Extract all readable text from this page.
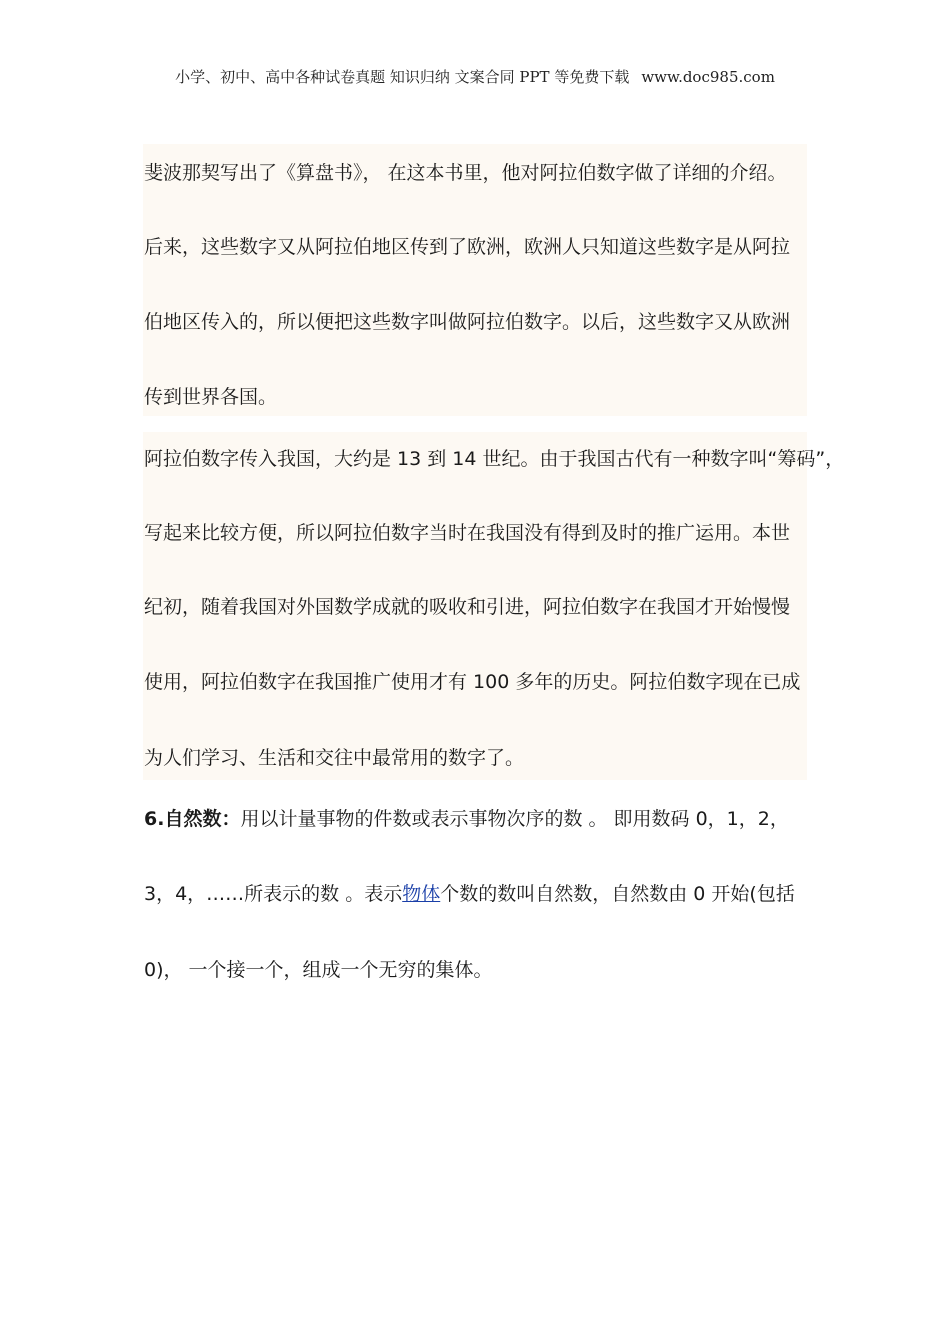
小学、初中、高中各种试卷真题 知识归纳 文案合同 PPT 等免费下载 www.doc985.com
斐波那契写出了《算盘书》， 在这本书里，他对阿拉伯数字做了详细的介绍。
后来，这些数字又从阿拉伯地区传到了欧洲，欧洲人只知道这些数字是从阿拉
伯地区传入的，所以便把这些数字叫做阿拉伯数字。以后，这些数字又从欧洲
传到世界各国。
阿拉伯数字传入我国，大约是 13 到 14 世纪。由于我国古代有一种数字叫“筹码”，
写起来比较方便，所以阿拉伯数字当时在我国没有得到及时的推广运用。本世
纪初，随着我国对外国数学成就的吸收和引进，阿拉伯数字在我国才开始慢慢
使用，阿拉伯数字在我国推广使用才有 100 多年的历史。阿拉伯数字现在已成
为人们学习、生活和交往中最常用的数字了。
6.自然数：用以计量事物的件数或表示事物次序的数 。 即用数码 0，1，2，
3，4，……所表示的数 。表示物体个数的数叫自然数，自然数由 0 开始(包括
0)， 一个接一个，组成一个无穷的集体。
